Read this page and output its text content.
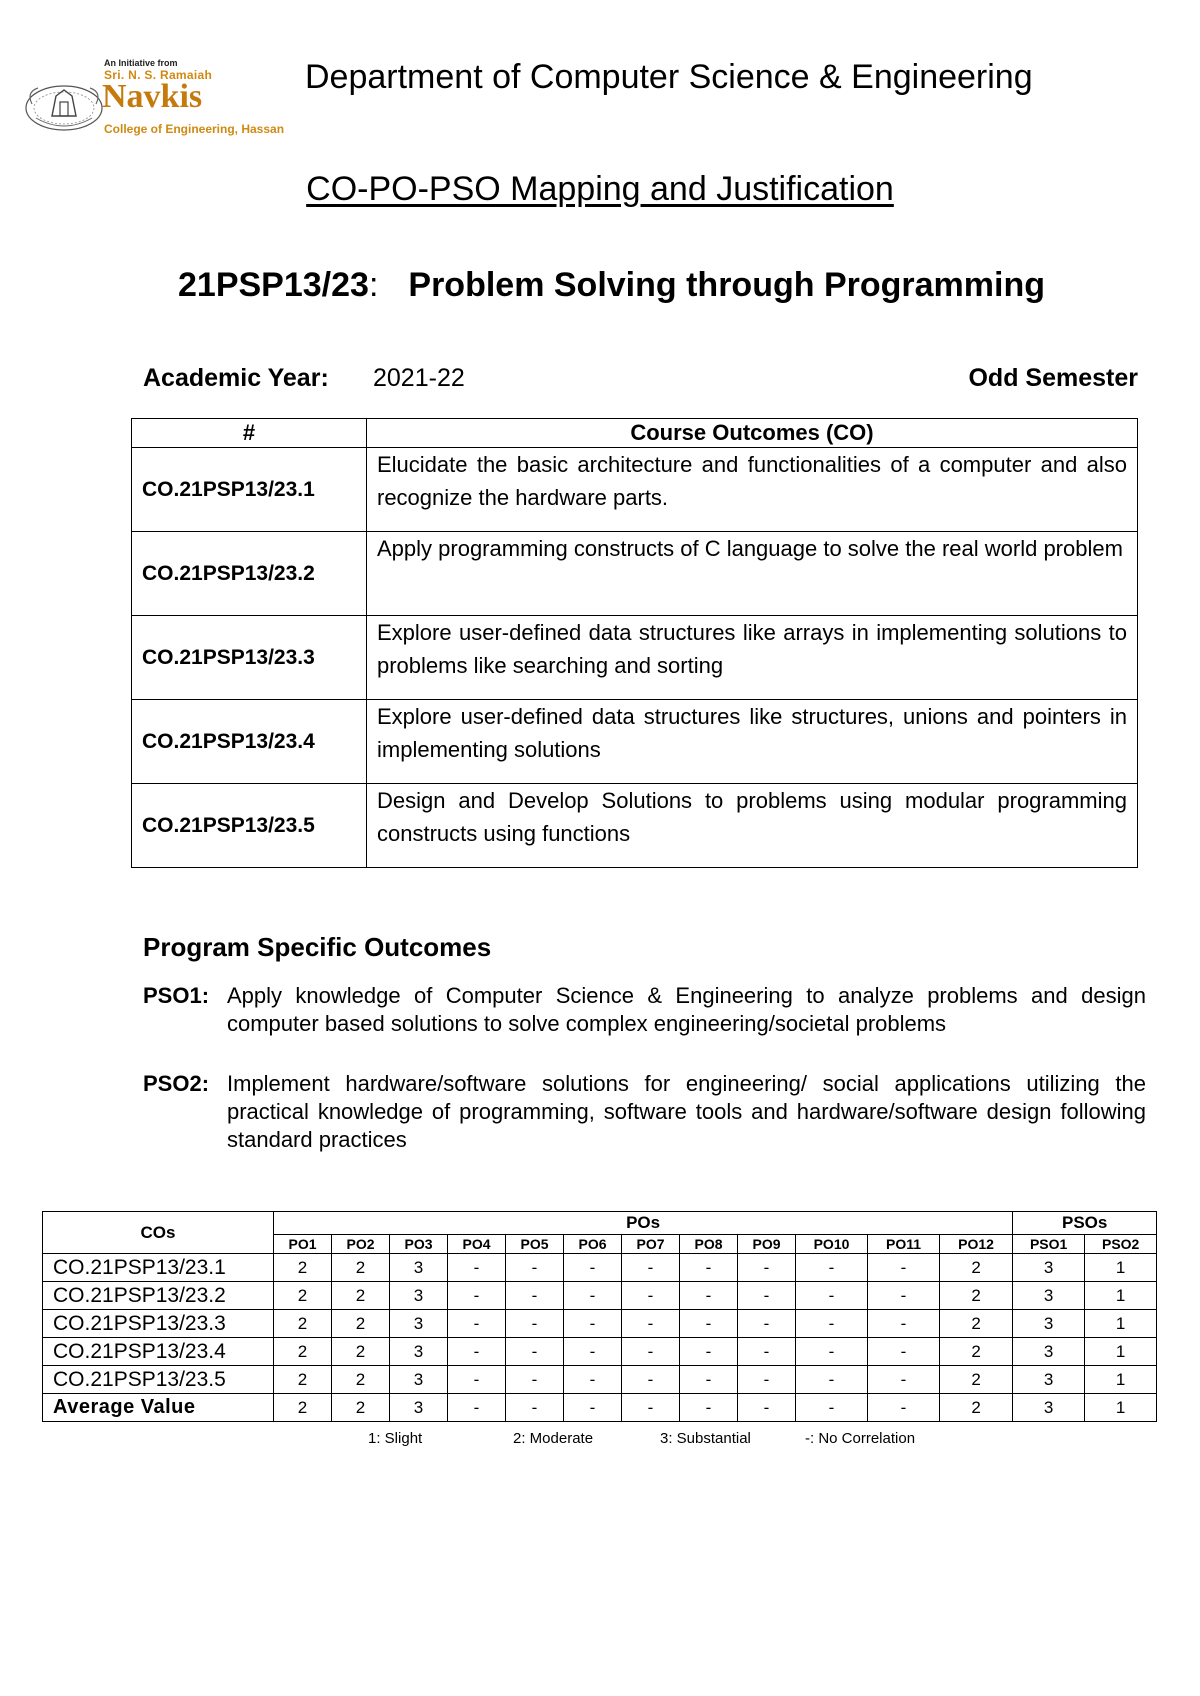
An Initiative from
Sri. N. S. Ramaiah
Navkis
College of Engineering, Hassan
Department of Computer Science & Engineering
CO-PO-PSO Mapping and Justification
21PSP13/23: Problem Solving through Programming
Academic Year: 2021-22	Odd Semester
#	Course Outcomes (CO)
CO.21PSP13/23.1	Elucidate the basic architecture and functionalities of a computer and also recognize the hardware parts.
CO.21PSP13/23.2	Apply programming constructs of C language to solve the real world problem
CO.21PSP13/23.3	Explore user-defined data structures like arrays in implementing solutions to problems like searching and sorting
CO.21PSP13/23.4	Explore user-defined data structures like structures, unions and pointers in implementing solutions
CO.21PSP13/23.5	Design and Develop Solutions to problems using modular programming constructs using functions
Program Specific Outcomes
PSO1: Apply knowledge of Computer Science & Engineering to analyze problems and design computer based solutions to solve complex engineering/societal problems
PSO2: Implement hardware/software solutions for engineering/ social applications utilizing the practical knowledge of programming, software tools and hardware/software design following standard practices
COs	POs												PSOs	
	PO1	PO2	PO3	PO4	PO5	PO6	PO7	PO8	PO9	PO10	PO11	PO12	PSO1	PSO2
CO.21PSP13/23.1	2	2	3	-	-	-	-	-	-	-	-	2	3	1
CO.21PSP13/23.2	2	2	3	-	-	-	-	-	-	-	-	2	3	1
CO.21PSP13/23.3	2	2	3	-	-	-	-	-	-	-	-	2	3	1
CO.21PSP13/23.4	2	2	3	-	-	-	-	-	-	-	-	2	3	1
CO.21PSP13/23.5	2	2	3	-	-	-	-	-	-	-	-	2	3	1
Average Value	2	2	3	-	-	-	-	-	-	-	-	2	3	1
1: Slight	2: Moderate	3: Substantial	-: No Correlation
